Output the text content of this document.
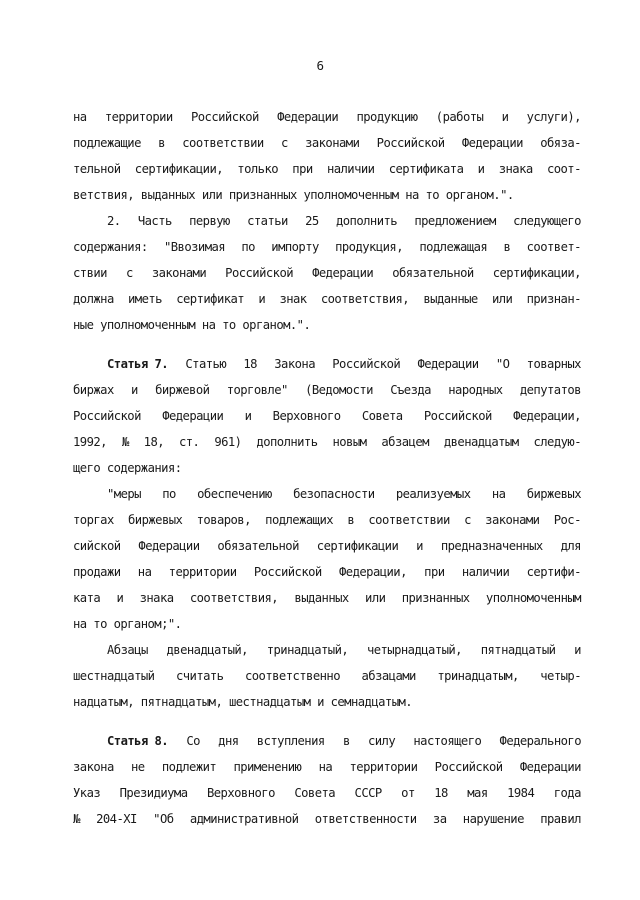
6
на территории Российской Федерации продукцию (работы и услуги),
подлежащие в соответствии с законами Российской Федерации обяза-
тельной сертификации, только при наличии сертификата и знака соот-
ветствия, выданных или признанных уполномоченным на то органом.".
2. Часть первую статьи 25 дополнить предложением следующего
содержания: "Ввозимая по импорту продукция, подлежащая в соответ-
ствии с законами Российской Федерации обязательной сертификации,
должна иметь сертификат и знак соответствия, выданные или признан-
ные уполномоченным на то органом.".
Статья 7. Статью 18 Закона Российской Федерации "О товарных
биржах и биржевой торговле" (Ведомости Съезда народных депутатов
Российской Федерации и Верховного Совета Российской Федерации,
1992, № 18, ст. 961) дополнить новым абзацем двенадцатым следую-
щего содержания:
"меры по обеспечению безопасности реализуемых на биржевых
торгах биржевых товаров, подлежащих в соответствии с законами Рос-
сийской Федерации обязательной сертификации и предназначенных для
продажи на территории Российской Федерации, при наличии сертифи-
ката и знака соответствия, выданных или признанных уполномоченным
на то органом;".
Абзацы двенадцатый, тринадцатый, четырнадцатый, пятнадцатый и
шестнадцатый считать соответственно абзацами тринадцатым, четыр-
надцатым, пятнадцатым, шестнадцатым и семнадцатым.
Статья 8. Со дня вступления в силу настоящего Федерального
закона не подлежит применению на территории Российской Федерации
Указ Президиума Верховного Совета СССР от 18 мая 1984 года
№ 204-XI "Об административной ответственности за нарушение правил
